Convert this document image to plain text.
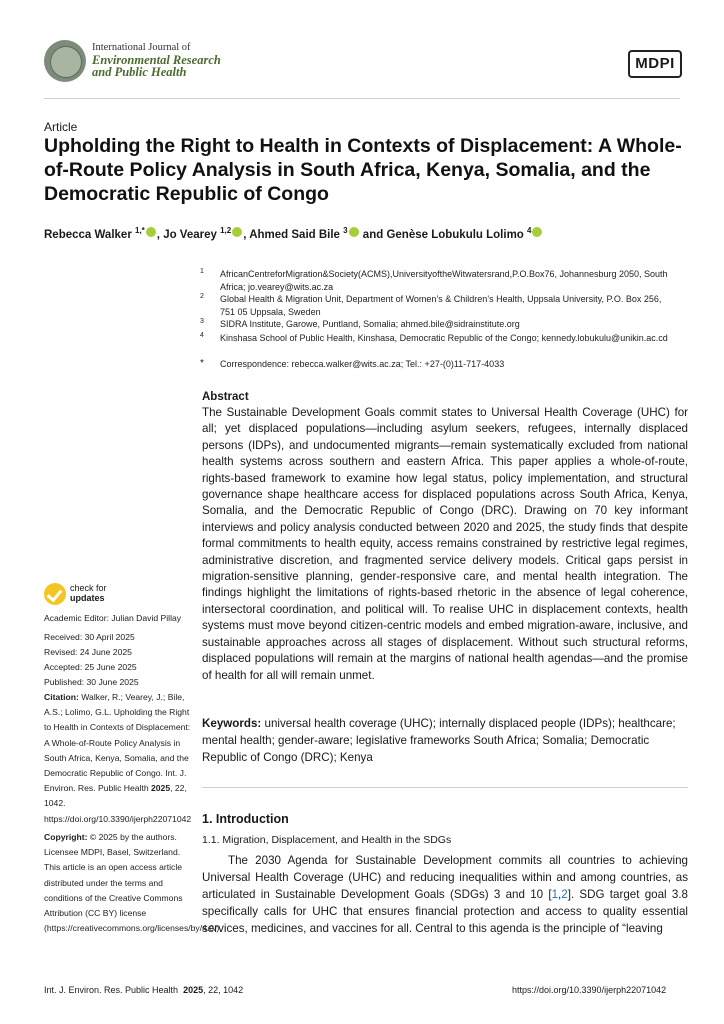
International Journal of
Environmental Research
and Public Health	MDPI
Article
Upholding the Right to Health in Contexts of Displacement: A Whole-of-Route Policy Analysis in South Africa, Kenya, Somalia, and the Democratic Republic of Congo
Rebecca Walker $^{1,*}$ , Jo Vearey $^{1,2}$ , Ahmed Said Bile $^3$ and Genèse Lobukulu Lolimo $^4$
1 AfricanCentreforMigration&Society(ACMS),UniversityoftheWitwatersrand,P.O.Box76, Johannesburg 2050, South Africa; jo.vearey@wits.ac.za
2 Global Health & Migration Unit, Department of Women’s & Children’s Health, Uppsala University, P.O. Box 256, 751 05 Uppsala, Sweden
3 SIDRA Institute, Garowe, Puntland, Somalia; ahmed.bile@sidrainstitute.org
4 Kinshasa School of Public Health, Kinshasa, Democratic Republic of the Congo; kennedy.lobukulu@unikin.ac.cd
* Correspondence: rebecca.walker@wits.ac.za; Tel.: +27-(0)11-717-4033
Abstract
The Sustainable Development Goals commit states to Universal Health Coverage (UHC) for all; yet displaced populations—including asylum seekers, refugees, internally displaced persons (IDPs), and undocumented migrants—remain systematically excluded from national health systems across southern and eastern Africa. This paper applies a whole-of-route, rights-based framework to examine how legal status, policy implementation, and structural governance shape healthcare access for displaced populations across South Africa, Kenya, Somalia, and the Democratic Republic of Congo (DRC). Drawing on 70 key informant interviews and policy analysis conducted between 2020 and 2025, the study finds that despite formal commitments to health equity, access remains constrained by restrictive legal regimes, administrative discretion, and fragmented service delivery models. Critical gaps persist in migration-sensitive planning, gender-responsive care, and mental health integration. The findings highlight the limitations of rights-based rhetoric in the absence of legal coherence, intersectoral coordination, and political will. To realise UHC in displacement contexts, health systems must move beyond citizen-centric models and embed migration-aware, inclusive, and sustainable approaches across all stages of displacement. Without such structural reforms, displaced populations will remain at the margins of national health agendas—and the promise of health for all will remain unmet.
Keywords: universal health coverage (UHC); internally displaced people (IDPs); healthcare; mental health; gender-aware; legislative frameworks South Africa; Somalia; Democratic Republic of Congo (DRC); Kenya
1. Introduction
1.1. Migration, Displacement, and Health in the SDGs
The 2030 Agenda for Sustainable Development commits all countries to achieving Universal Health Coverage (UHC) and reducing inequalities within and among countries, as articulated in Sustainable Development Goals (SDGs) 3 and 10 [1,2]. SDG target goal 3.8 specifically calls for UHC that ensures financial protection and access to quality essential services, medicines, and vaccines for all. Central to this agenda is the principle of “leaving
check for
updates
Academic Editor: Julian David Pillay
Received: 30 April 2025
Revised: 24 June 2025
Accepted: 25 June 2025
Published: 30 June 2025
Citation: Walker, R.; Vearey, J.; Bile, A.S.; Lolimo, G.L. Upholding the Right to Health in Contexts of Displacement: A Whole-of-Route Policy Analysis in South Africa, Kenya, Somalia, and the Democratic Republic of Congo. Int. J. Environ. Res. Public Health 2025, 22, 1042. https://doi.org/10.3390/ijerph22071042
Copyright: © 2025 by the authors. Licensee MDPI, Basel, Switzerland. This article is an open access article distributed under the terms and conditions of the Creative Commons Attribution (CC BY) license (https://creativecommons.org/licenses/by/4.0/).
Int. J. Environ. Res. Public Health 2025, 22, 1042	https://doi.org/10.3390/ijerph22071042
